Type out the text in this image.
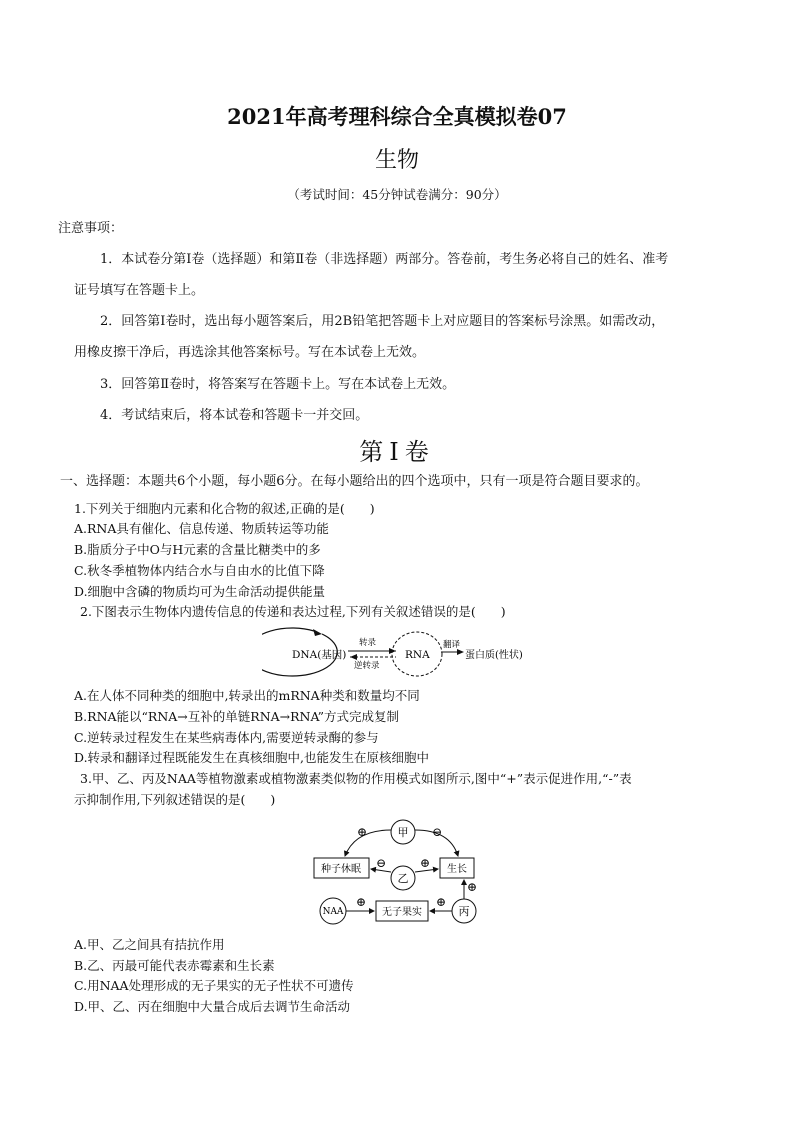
2021年高考理科综合全真模拟卷07
生物
（考试时间：45分钟试卷满分：90分）
注意事项：
1．本试卷分第Ⅰ卷（选择题）和第Ⅱ卷（非选择题）两部分。答卷前，考生务必将自己的姓名、准考
证号填写在答题卡上。
2．回答第Ⅰ卷时，选出每小题答案后，用2B铅笔把答题卡上对应题目的答案标号涂黑。如需改动，
用橡皮擦干净后，再选涂其他答案标号。写在本试卷上无效。
3．回答第Ⅱ卷时，将答案写在答题卡上。写在本试卷上无效。
4．考试结束后，将本试卷和答题卡一并交回。
第Ⅰ卷
一、选择题：本题共6个小题，每小题6分。在每小题给出的四个选项中，只有一项是符合题目要求的。
1.下列关于细胞内元素和化合物的叙述,正确的是(　　)
A.RNA具有催化、信息传递、物质转运等功能
B.脂质分子中O与H元素的含量比糖类中的多
C.秋冬季植物体内结合水与自由水的比值下降
D.细胞中含磷的物质均可为生命活动提供能量
2.下图表示生物体内遗传信息的传递和表达过程,下列有关叙述错误的是(　　)
DNA(基因)
转录
逆转录
RNA
翻译
蛋白质(性状)
A.在人体不同种类的细胞中,转录出的mRNA种类和数量均不同
B.RNA能以“RNA→互补的单链RNA→RNA”方式完成复制
C.逆转录过程发生在某些病毒体内,需要逆转录酶的参与
D.转录和翻译过程既能发生在真核细胞中,也能发生在原核细胞中
3.甲、乙、丙及NAA等植物激素或植物激素类似物的作用模式如图所示,图中“+”表示促进作用,“-”表
示抑制作用,下列叙述错误的是(　　)
甲
乙
丙
NAA
种子休眠	生长
无子果实
⊕	⊖
⊖	⊕
⊕
⊕
⊕
A.甲、乙之间具有拮抗作用
B.乙、丙最可能代表赤霉素和生长素
C.用NAA处理形成的无子果实的无子性状不可遗传
D.甲、乙、丙在细胞中大量合成后去调节生命活动
